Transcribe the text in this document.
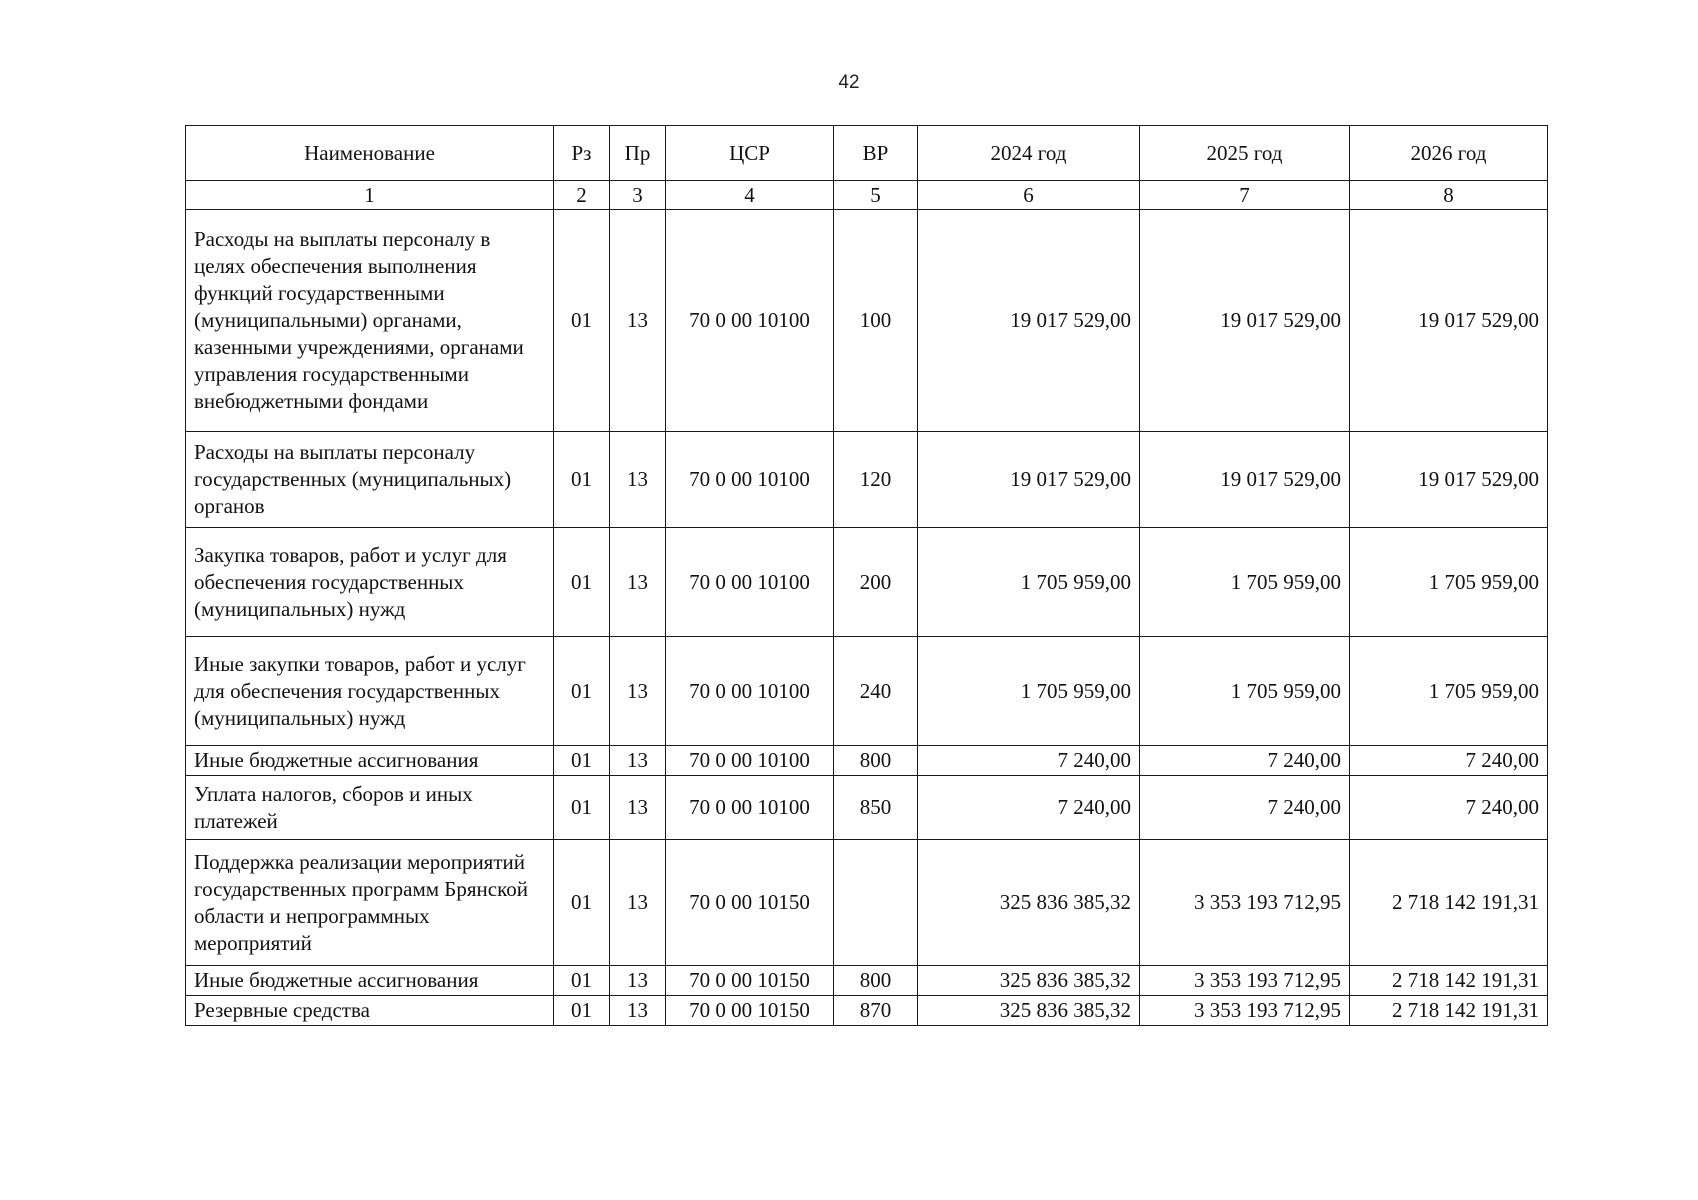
42
Наименование	Рз	Пр	ЦСР	ВР	2024 год	2025 год	2026 год
1	2	3	4	5	6	7	8
Расходы на выплаты персоналу в целях обеспечения выполнения функций государственными (муниципальными) органами, казенными учреждениями, органами управления государственными внебюджетными фондами	01	13	70 0 00 10100	100	19 017 529,00	19 017 529,00	19 017 529,00
Расходы на выплаты персоналу государственных (муниципальных) органов	01	13	70 0 00 10100	120	19 017 529,00	19 017 529,00	19 017 529,00
Закупка товаров, работ и услуг для обеспечения государственных (муниципальных) нужд	01	13	70 0 00 10100	200	1 705 959,00	1 705 959,00	1 705 959,00
Иные закупки товаров, работ и услуг для обеспечения государственных (муниципальных) нужд	01	13	70 0 00 10100	240	1 705 959,00	1 705 959,00	1 705 959,00
Иные бюджетные ассигнования	01	13	70 0 00 10100	800	7 240,00	7 240,00	7 240,00
Уплата налогов, сборов и иных платежей	01	13	70 0 00 10100	850	7 240,00	7 240,00	7 240,00
Поддержка реализации мероприятий государственных программ Брянской области и непрограммных мероприятий	01	13	70 0 00 10150		325 836 385,32	3 353 193 712,95	2 718 142 191,31
Иные бюджетные ассигнования	01	13	70 0 00 10150	800	325 836 385,32	3 353 193 712,95	2 718 142 191,31
Резервные средства	01	13	70 0 00 10150	870	325 836 385,32	3 353 193 712,95	2 718 142 191,31
